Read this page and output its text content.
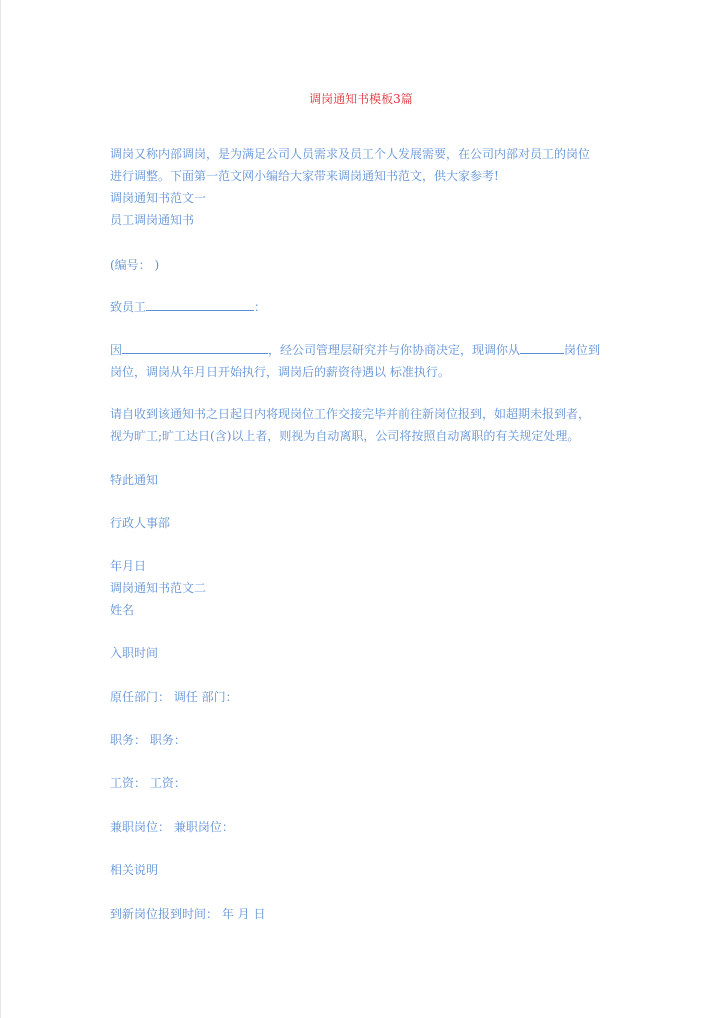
调岗通知书模板3篇
调岗又称内部调岗，是为满足公司人员需求及员工个人发展需要，在公司内部对员工的岗位
进行调整。下面第一范文网小编给大家带来调岗通知书范文，供大家参考!
调岗通知书范文一
员工调岗通知书
(编号： )
致员工	：
因	，经公司管理层研究并与你协商决定，现调你从	岗位到
岗位，调岗从年月日开始执行，调岗后的薪资待遇以 标准执行。
请自收到该通知书之日起日内将现岗位工作交接完毕并前往新岗位报到，如超期未报到者，
视为旷工;旷工达日(含)以上者，则视为自动离职，公司将按照自动离职的有关规定处理。
特此通知
行政人事部
年月日
调岗通知书范文二
姓名
入职时间
原任部门： 调任 部门：
职务： 职务：
工资： 工资：
兼职岗位： 兼职岗位：
相关说明
到新岗位报到时间： 年 月 日
